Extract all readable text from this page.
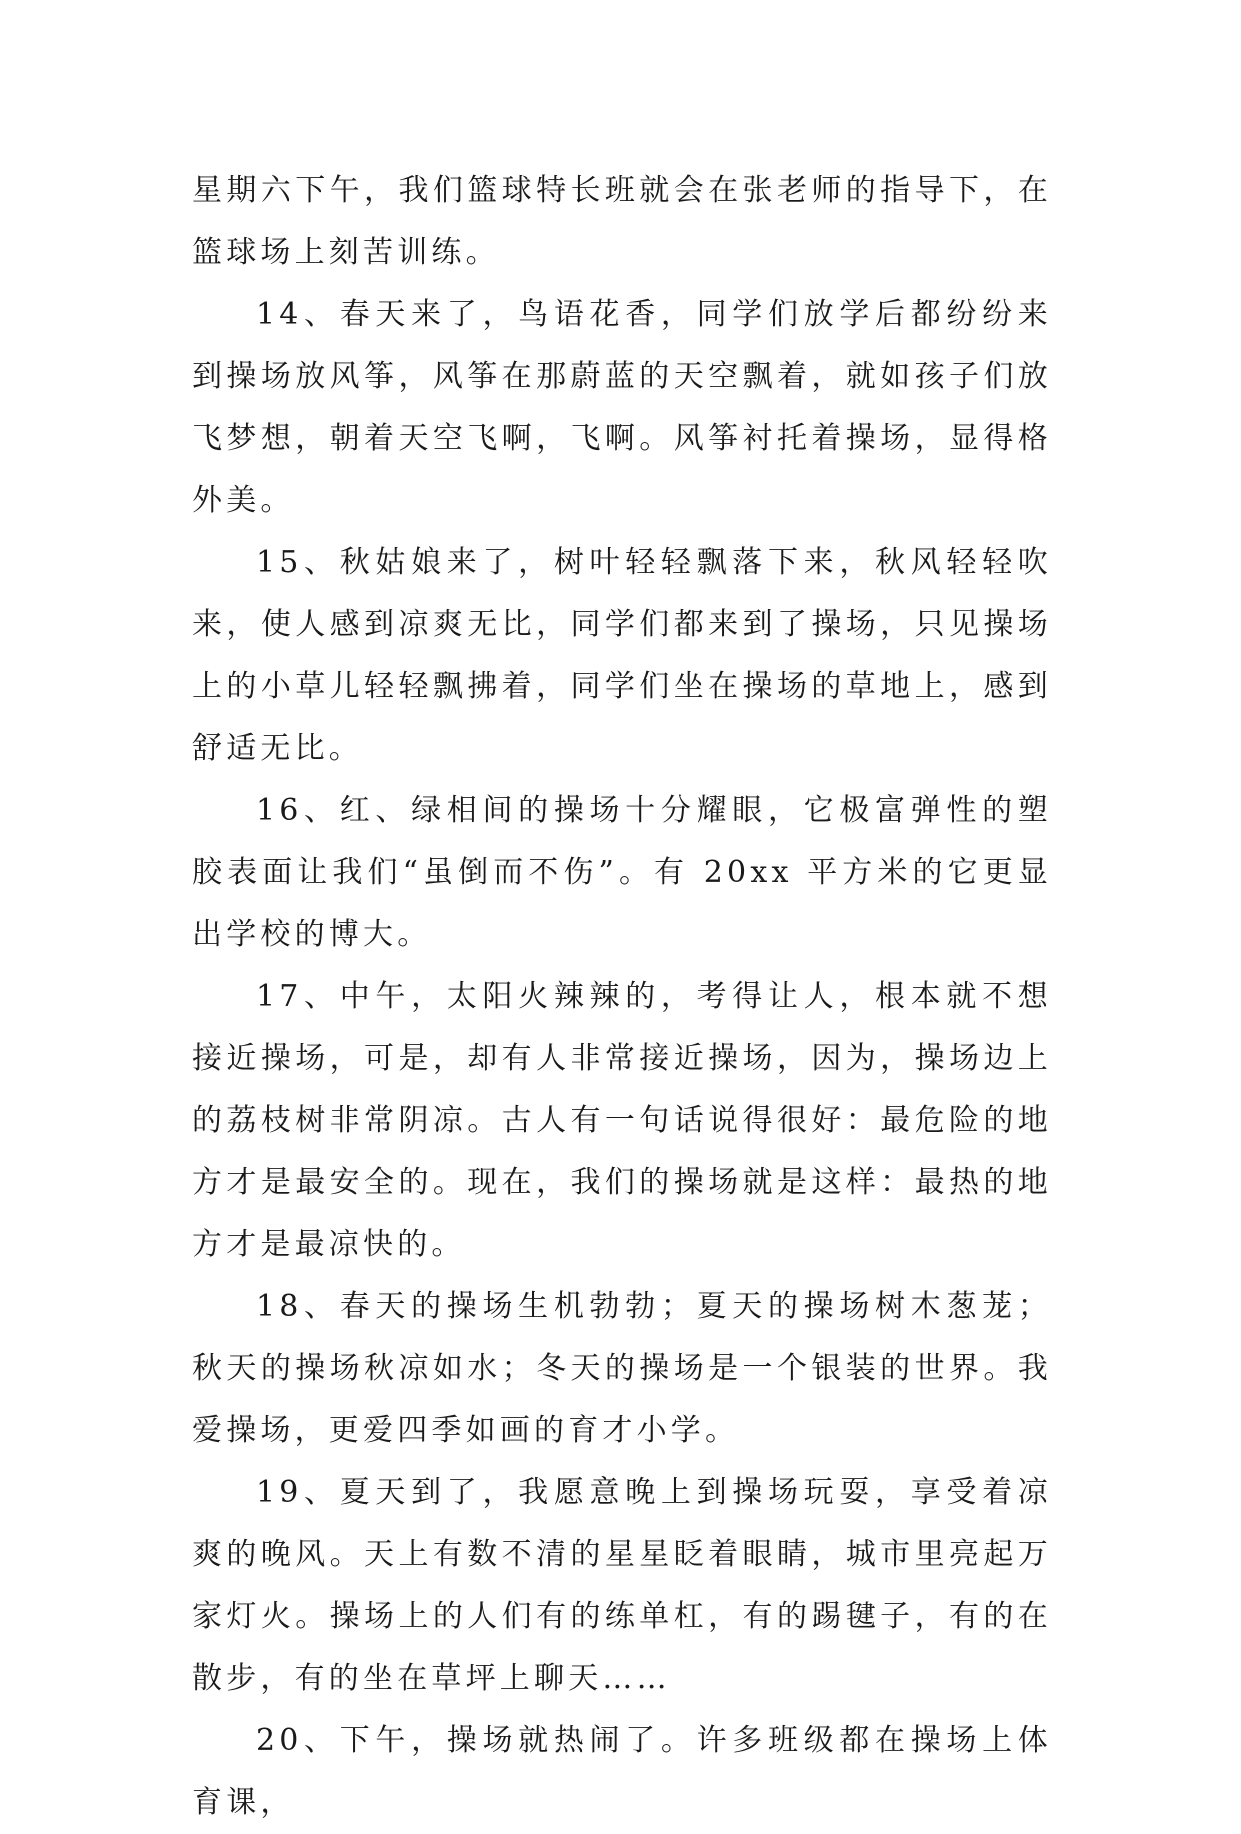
星期六下午，我们篮球特长班就会在张老师的指导下，在篮球场上刻苦训练。

14、春天来了，鸟语花香，同学们放学后都纷纷来到操场放风筝，风筝在那蔚蓝的天空飘着，就如孩子们放飞梦想，朝着天空飞啊，飞啊。风筝衬托着操场，显得格外美。

15、秋姑娘来了，树叶轻轻飘落下来，秋风轻轻吹来，使人感到凉爽无比，同学们都来到了操场，只见操场上的小草儿轻轻飘拂着，同学们坐在操场的草地上，感到舒适无比。

16、红、绿相间的操场十分耀眼，它极富弹性的塑胶表面让我们“虽倒而不伤”。有 20xx 平方米的它更显出学校的博大。

17、中午，太阳火辣辣的，考得让人，根本就不想接近操场，可是，却有人非常接近操场，因为，操场边上的荔枝树非常阴凉。古人有一句话说得很好：最危险的地方才是最安全的。现在，我们的操场就是这样：最热的地方才是最凉快的。

18、春天的操场生机勃勃；夏天的操场树木葱茏；秋天的操场秋凉如水；冬天的操场是一个银装的世界。我爱操场，更爱四季如画的育才小学。

19、夏天到了，我愿意晚上到操场玩耍，享受着凉爽的晚风。天上有数不清的星星眨着眼睛，城市里亮起万家灯火。操场上的人们有的练单杠，有的踢毽子，有的在散步，有的坐在草坪上聊天……

20、下午，操场就热闹了。许多班级都在操场上体育课，
